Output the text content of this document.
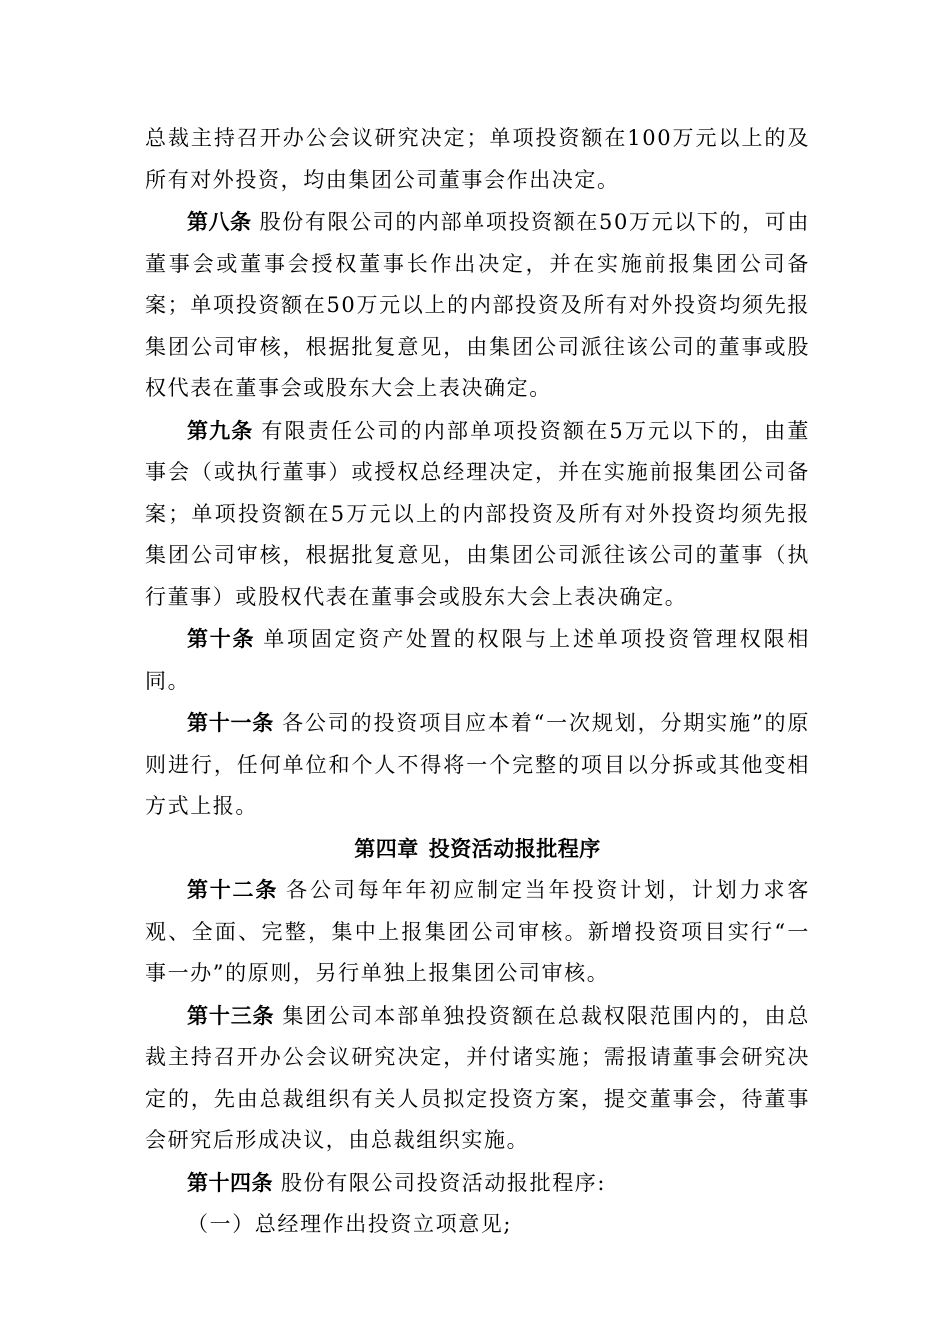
总裁主持召开办公会议研究决定；单项投资额在100万元以上的及所有对外投资，均由集团公司董事会作出决定。

第八条 股份有限公司的内部单项投资额在50万元以下的，可由董事会或董事会授权董事长作出决定，并在实施前报集团公司备案；单项投资额在50万元以上的内部投资及所有对外投资均须先报集团公司审核，根据批复意见，由集团公司派往该公司的董事或股权代表在董事会或股东大会上表决确定。

第九条 有限责任公司的内部单项投资额在5万元以下的，由董事会（或执行董事）或授权总经理决定，并在实施前报集团公司备案；单项投资额在5万元以上的内部投资及所有对外投资均须先报集团公司审核，根据批复意见，由集团公司派往该公司的董事（执行董事）或股权代表在董事会或股东大会上表决确定。

第十条 单项固定资产处置的权限与上述单项投资管理权限相同。

第十一条 各公司的投资项目应本着“一次规划，分期实施”的原则进行，任何单位和个人不得将一个完整的项目以分拆或其他变相方式上报。

第四章 投资活动报批程序

第十二条 各公司每年年初应制定当年投资计划，计划力求客观、全面、完整，集中上报集团公司审核。新增投资项目实行“一事一办”的原则，另行单独上报集团公司审核。

第十三条 集团公司本部单独投资额在总裁权限范围内的，由总裁主持召开办公会议研究决定，并付诸实施；需报请董事会研究决定的，先由总裁组织有关人员拟定投资方案，提交董事会，待董事会研究后形成决议，由总裁组织实施。

第十四条 股份有限公司投资活动报批程序:

（一）总经理作出投资立项意见;
